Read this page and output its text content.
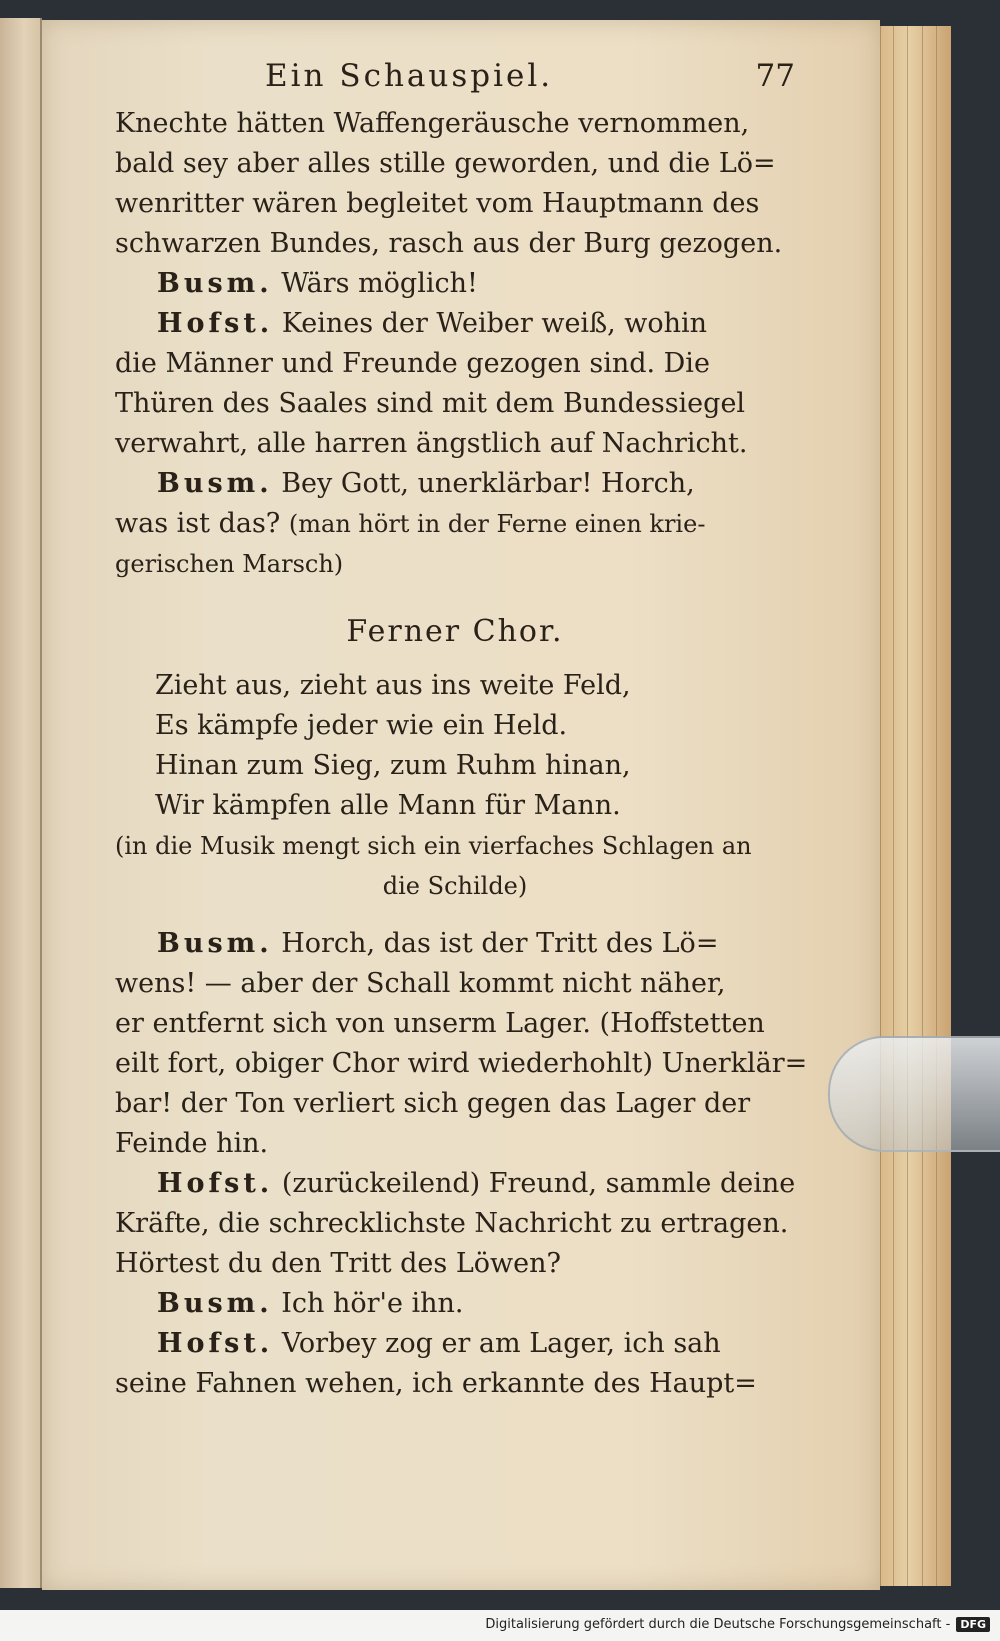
Ein Schauspiel.	77
Knechte hätten Waffengeräusche vernommen,
bald sey aber alles stille geworden, und die Lö=
wenritter wären begleitet vom Hauptmann des
schwarzen Bundes, rasch aus der Burg gezogen.
Busm. Wärs möglich!
Hofst. Keines der Weiber weiß, wohin
die Männer und Freunde gezogen sind. Die
Thüren des Saales sind mit dem Bundessiegel
verwahrt, alle harren ängstlich auf Nachricht.
Busm. Bey Gott, unerklärbar! Horch,
was ist das? (man hört in der Ferne einen krie-
gerischen Marsch)
Ferner Chor.
Zieht aus, zieht aus ins weite Feld,
Es kämpfe jeder wie ein Held.
Hinan zum Sieg, zum Ruhm hinan,
Wir kämpfen alle Mann für Mann.
(in die Musik mengt sich ein vierfaches Schlagen an
die Schilde)
Busm. Horch, das ist der Tritt des Lö=
wens! — aber der Schall kommt nicht näher,
er entfernt sich von unserm Lager. (Hoffstetten
eilt fort, obiger Chor wird wiederhohlt) Unerklär=
bar! der Ton verliert sich gegen das Lager der
Feinde hin.
Hofst. (zurückeilend) Freund, sammle deine
Kräfte, die schrecklichste Nachricht zu ertragen.
Hörtest du den Tritt des Löwen?
Busm. Ich hör'e ihn.
Hofst. Vorbey zog er am Lager, ich sah
seine Fahnen wehen, ich erkannte des Haupt=
Digitalisierung gefördert durch die Deutsche Forschungsgemeinschaft - DFG
